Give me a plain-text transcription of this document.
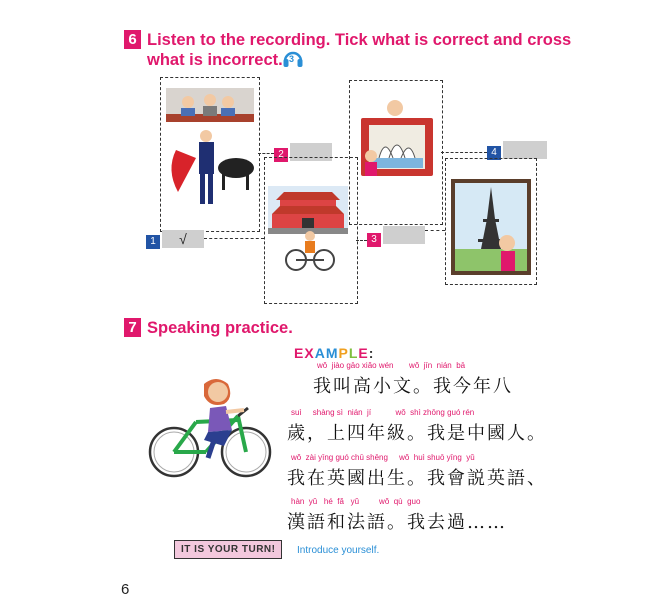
6 Listen to the recording. Tick what is correct and cross
what is incorrect. 3
1	√
2
3
4
7 Speaking practice.
EXAMPLE:
wǒ  jiào gāo xiǎo wén       wǒ  jīn  nián  bā
我叫高小文。我今年八
suì     shàng sì  nián  jí           wǒ  shì zhōng guó rén
歲，上四年級。我是中國人。
wǒ  zài yīng guó chū shēng     wǒ  huì shuō yīng  yǔ
我在英國出生。我會説英語、
hàn  yǔ   hé  fǎ   yǔ         wǒ  qù  guo
漢語和法語。我去過……
IT IS YOUR TURN!	Introduce yourself.
6
